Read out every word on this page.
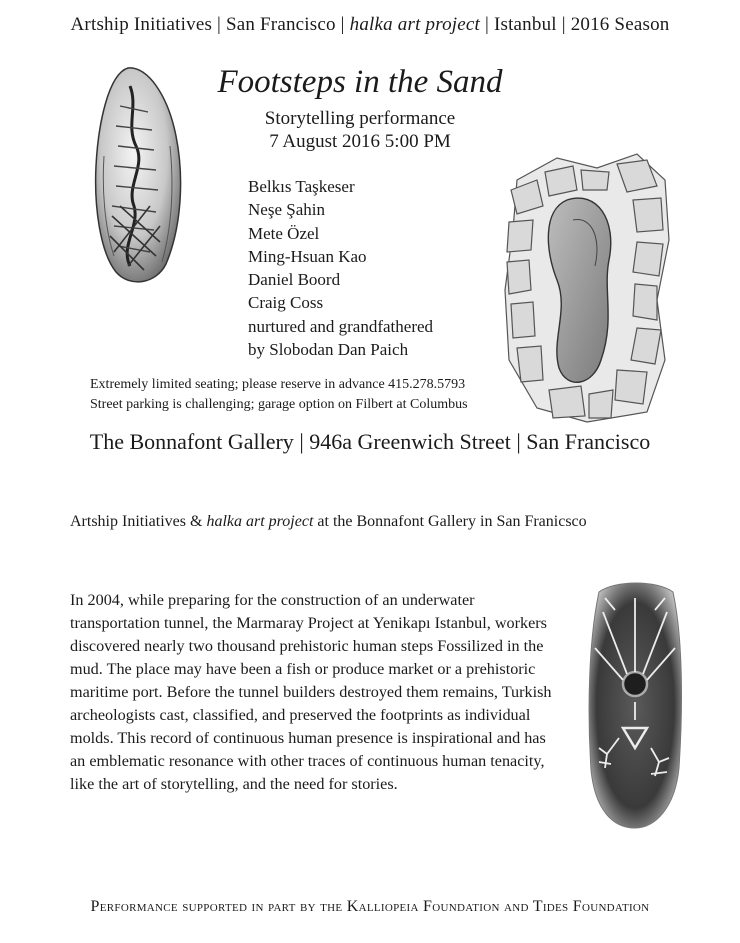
Artship Initiatives | San Francisco | halka art project | Istanbul | 2016 Season
Footsteps in the Sand
Storytelling performance
7 August 2016 5:00 PM
Belkıs Taşkeser
Neşe Şahin
Mete Özel
Ming-Hsuan Kao
Daniel Boord
Craig Coss
nurtured and grandfathered
by Slobodan Dan Paich
Extremely limited seating; please reserve in advance 415.278.5793
Street parking is challenging; garage option on Filbert at Columbus
The Bonnafont Gallery | 946a Greenwich Street | San Francisco
Artship Initiatives & halka art project at the Bonnafont Gallery in San Franicsco
In 2004, while preparing for the construction of an underwater transportation tunnel, the Marmaray Project at Yenikapı Istanbul, workers discovered nearly two thousand prehistoric human steps Fossilized in the mud. The place may have been a fish or produce market or a prehistoric maritime port. Before the tunnel builders destroyed them remains, Turkish archeologists cast, classified, and preserved the footprints as individual molds. This record of continuous human presence is inspirational and has an emblematic resonance with other traces of continuous human tenacity, like the art of storytelling, and the need for stories.
Performance supported in part by the Kalliopeia Foundation and Tides Foundation
